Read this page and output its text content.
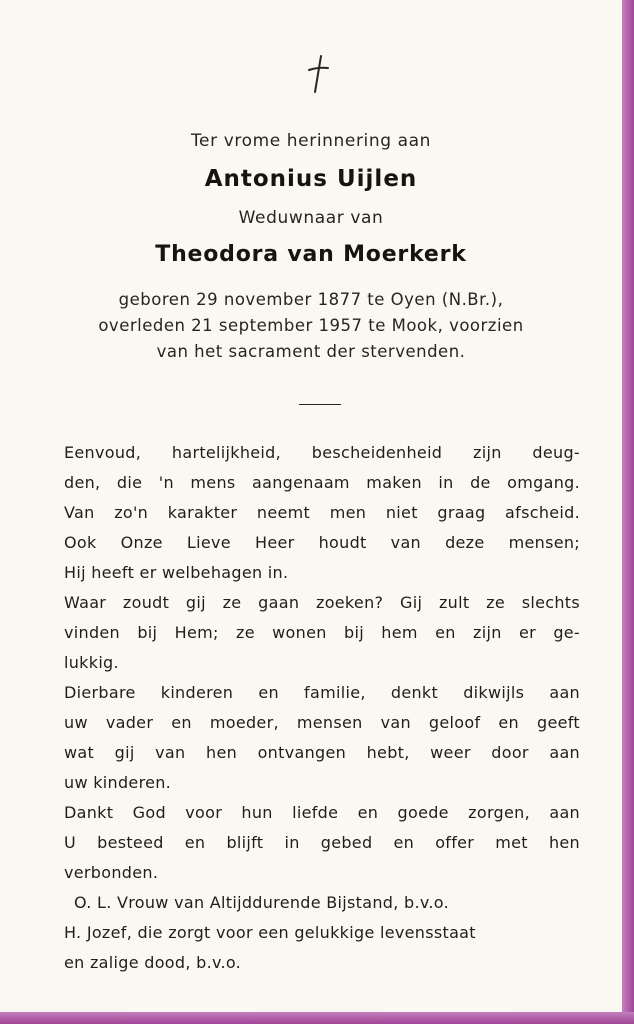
Ter vrome herinnering aan
Antonius Uijlen
Weduwnaar van
Theodora van Moerkerk
geboren 29 november 1877 te Oyen (N.Br.),
overleden 21 september 1957 te Mook, voorzien
van het sacrament der stervenden.
Eenvoud, hartelijkheid, bescheidenheid zijn deug-
den, die 'n mens aangenaam maken in de omgang.
Van zo'n karakter neemt men niet graag afscheid.
Ook Onze Lieve Heer houdt van deze mensen;
Hij heeft er welbehagen in.
Waar zoudt gij ze gaan zoeken? Gij zult ze slechts
vinden bij Hem; ze wonen bij hem en zijn er ge-
lukkig.
Dierbare kinderen en familie, denkt dikwijls aan
uw vader en moeder, mensen van geloof en geeft
wat gij van hen ontvangen hebt, weer door aan
uw kinderen.
Dankt God voor hun liefde en goede zorgen, aan
U besteed en blijft in gebed en offer met hen
verbonden.
O. L. Vrouw van Altijddurende Bijstand, b.v.o.
H. Jozef, die zorgt voor een gelukkige levensstaat
en zalige dood, b.v.o.
